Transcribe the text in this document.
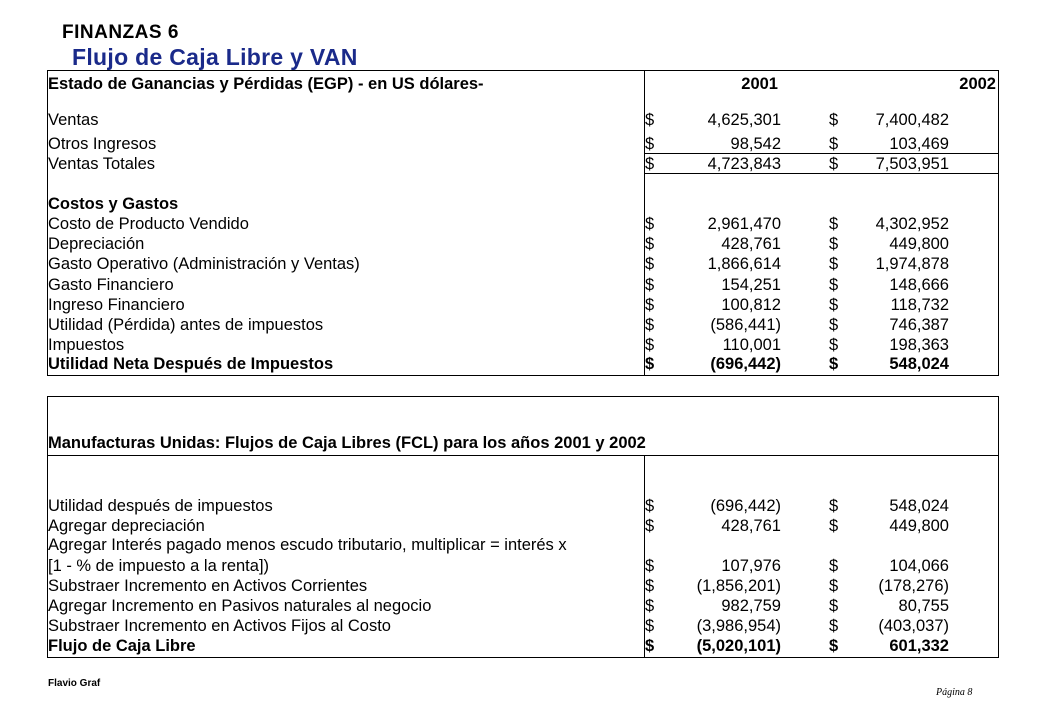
FINANZAS 6
Flujo de Caja Libre y VAN
Estado de Ganancias y Pérdidas (EGP) - en US dólares-	2001	2002
Ventas	$	4,625,301	$	7,400,482
Otros Ingresos	$	98,542	$	103,469
Ventas Totales	$	4,723,843	$	7,503,951
Costos y Gastos
Costo de Producto Vendido	$	2,961,470	$	4,302,952
Depreciación	$	428,761	$	449,800
Gasto Operativo (Administración y Ventas)	$	1,866,614	$	1,974,878
Gasto Financiero	$	154,251	$	148,666
Ingreso Financiero	$	100,812	$	118,732
Utilidad (Pérdida) antes de impuestos	$	(586,441)	$	746,387
Impuestos	$	110,001	$	198,363
Utilidad Neta Después de Impuestos	$	(696,442)	$	548,024
Manufacturas Unidas: Flujos de Caja Libres (FCL) para los años 2001 y 2002
Utilidad después de impuestos	$	(696,442)	$	548,024
Agregar depreciación	$	428,761	$	449,800
Agregar Interés pagado menos escudo tributario, multiplicar = interés x
[1 - % de impuesto a la renta])	$	107,976	$	104,066
Substraer Incremento en Activos Corrientes	$	(1,856,201)	$	(178,276)
Agregar Incremento en Pasivos naturales al negocio	$	982,759	$	80,755
Substraer Incremento en Activos Fijos al Costo	$	(3,986,954)	$	(403,037)
Flujo de Caja Libre	$	(5,020,101)	$	601,332
Flavio Graf
Página 8
